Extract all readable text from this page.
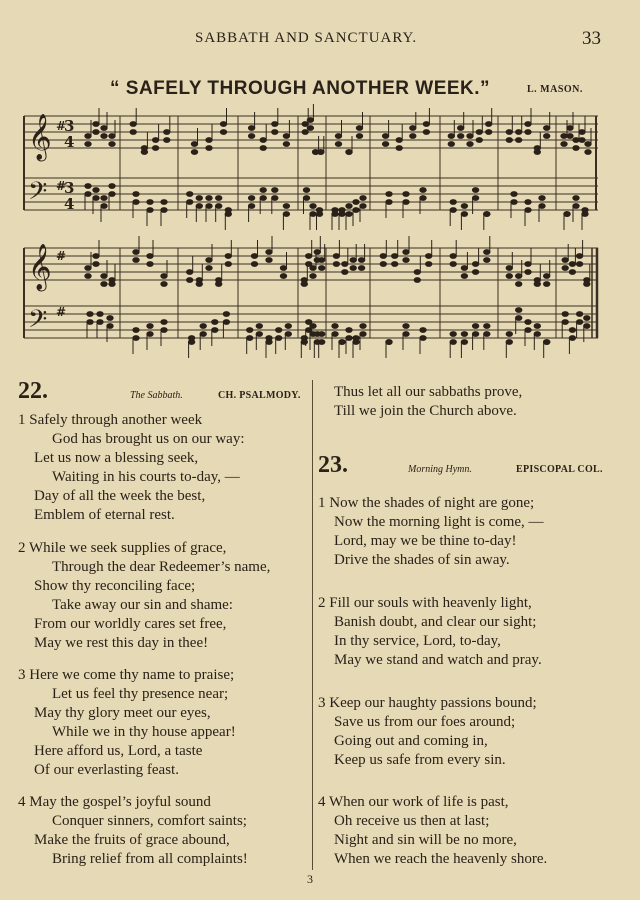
SABBATH AND SANCTUARY.	33
“ SAFELY THROUGH ANOTHER WEEK.”	L. MASON.
𝄞
𝄢
𝄞
𝄢
#
#
#
#
3
4
3
4
22.	The Sabbath.	CH. PSALMODY.
1 Safely through another week
God has brought us on our way:
Let us now a blessing seek,
Waiting in his courts to-day, —
Day of all the week the best,
Emblem of eternal rest.
2 While we seek supplies of grace,
Through the dear Redeemer’s name,
Show thy reconciling face;
Take away our sin and shame:
From our worldly cares set free,
May we rest this day in thee!
3 Here we come thy name to praise;
Let us feel thy presence near;
May thy glory meet our eyes,
While we in thy house appear!
Here afford us, Lord, a taste
Of our everlasting feast.
4 May the gospel’s joyful sound
Conquer sinners, comfort saints;
Make the fruits of grace abound,
Bring relief from all complaints!
Thus let all our sabbaths prove,
Till we join the Church above.
23.	Morning Hymn.	EPISCOPAL COL.
1 Now the shades of night are gone;
Now the morning light is come, —
Lord, may we be thine to-day!
Drive the shades of sin away.
2 Fill our souls with heavenly light,
Banish doubt, and clear our sight;
In thy service, Lord, to-day,
May we stand and watch and pray.
3 Keep our haughty passions bound;
Save us from our foes around;
Going out and coming in,
Keep us safe from every sin.
4 When our work of life is past,
Oh receive us then at last;
Night and sin will be no more,
When we reach the heavenly shore.
3
